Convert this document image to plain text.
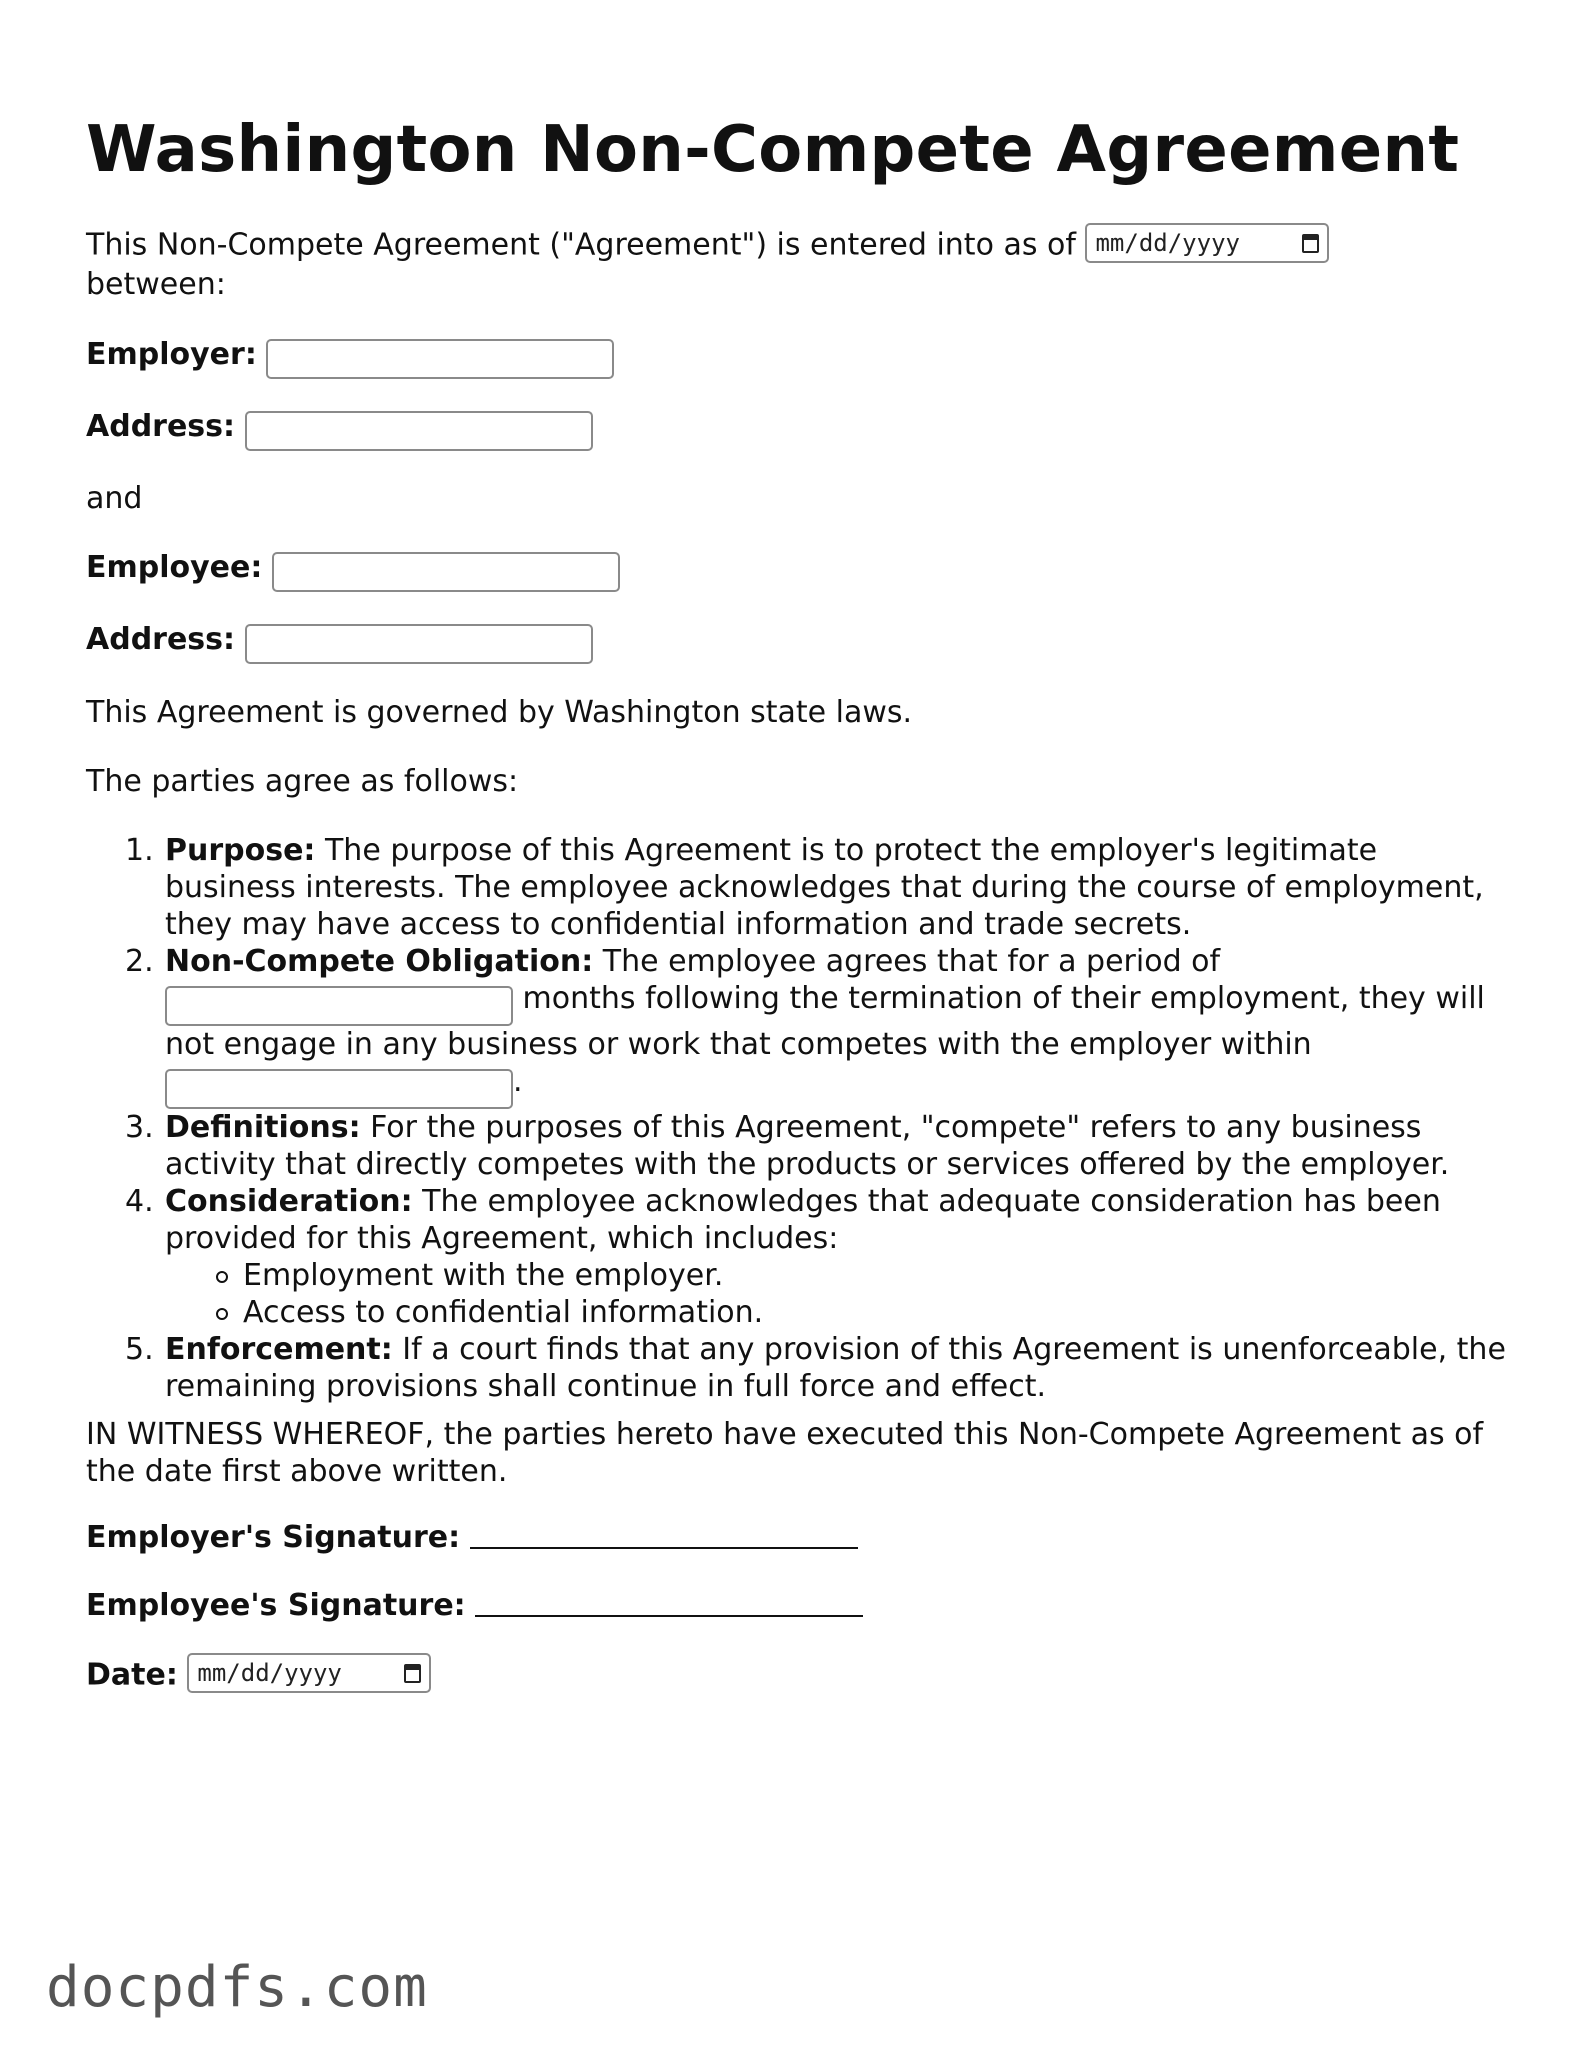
Washington Non-Compete Agreement
This Non-Compete Agreement ("Agreement") is entered into as of mm/dd/yyyy

between:
Employer:
Address:
and
Employee:
Address:
This Agreement is governed by Washington state laws.
The parties agree as follows:
Purpose: The purpose of this Agreement is to protect the employer's legitimate business interests. The employee acknowledges that during the course of employment, they may have access to confidential information and trade secrets.
Non-Compete Obligation: The employee agrees that for a period of
months following the termination of their employment, they will not engage in any business or work that competes with the employer within
.
Definitions: For the purposes of this Agreement, "compete" refers to any business activity that directly competes with the products or services offered by the employer.
Consideration: The employee acknowledges that adequate consideration has been provided for this Agreement, which includes:
Employment with the employer.
Access to confidential information.
Enforcement: If a court finds that any provision of this Agreement is unenforceable, the remaining provisions shall continue in full force and effect.
IN WITNESS WHEREOF, the parties hereto have executed this Non-Compete Agreement as of the date first above written.
Employer's Signature:
Employee's Signature:
Date: mm/dd/yyyy
docpdfs.com
